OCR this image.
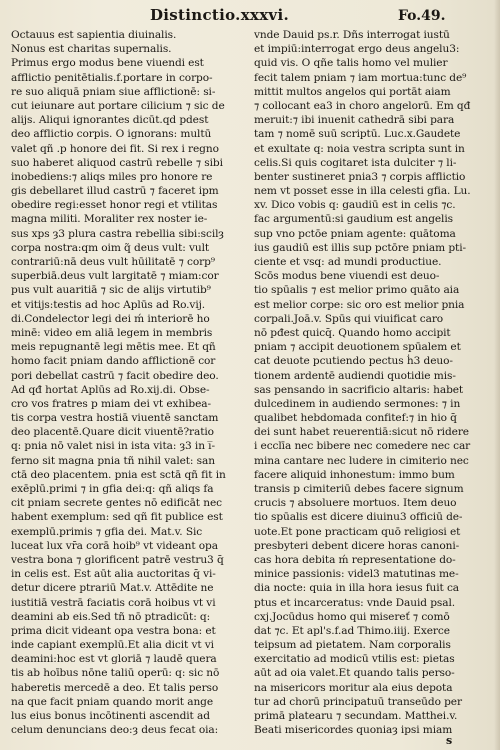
Distinctio.xxxvi.	Fo.49.
Octauus est sapientia diuinalis.
Nonus est charitas supernalis.
Primus ergo modus bene viuendi est
afflictio penitētialis.f.portare in corpo-
re suo aliquā pniam siue afflictionē: si-
cut ieiunare aut portare cilicium ⁊ sic de
alijs. Aliqui ignorantes dicūt.qd pdest
deo afflictio corpis. O ignorans: multū
valet qñ .p honore dei fit. Si rex i regno
suo haberet aliquod castrū rebelle ⁊ sibi
inobediens:⁊ aliqs miles pro honore re
gis debellaret illud castrū ⁊ faceret ipm
obedire regi:esset honor regi et vtilitas
magna militi. Moraliter rex noster ie-
sus xps ȝ3 plura castra rebellia sibi:scilȝ
corpa nostra:qm oim q̃ deus vult: vult
contrariū:nā deus vult hūilitatē ⁊ corp⁹
superbiā.deus vult largitatē ⁊ miam:cor
pus vult auaritiā ⁊ sic de alijs virtutib⁹
et vitijs:testis ad hoc Aplūs ad Ro.vij.
di.Condelector legi dei ḿ interiorē ho
minē: video em aliā legem in membris
meis repugnantē legi mētis mee. Et qñ
homo facit pniam dando afflictionē cor
pori debellat castrū ⁊ facit obedire deo.
Ad qđ hortat Aplūs ad Ro.xij.di. Obse-
cro vos fratres p miam dei vt exhibea-
tis corpa vestra hostiā viuentē sanctam
deo placentē.Quare dicit viuentē?ratio
q: pnia nō valet nisi in ista vita: ȝ3 in i̅-
ferno sit magna pnia tñ nihil valet: san
ctā deo placentem. pnia est sctā qñ fit in
exēplū.primi ⁊ in gfia dei:q: qñ aliqs fa
cit pniam secrete gentes nō edificāt nec
habent exemplum: sed qñ fit publice est
exemplū.primis ⁊ gfia dei. Mat.v. Sic
luceat lux vr̄a corā hoib⁹ vt videant opa
vestra bona ⁊ glorificent patrē vestru3 q̄
in celis est. Est aūt alia auctoritas q̄ vi-
detur dicere ptrariū Mat.v. Attēdite ne
iustitiā vestrā faciatis corā hoibus vt vi
deamini ab eis.Sed tñ nō ptradicūt: q:
prima dicit videant opa vestra bona: et
inde capiant exemplū.Et alia dicit vt vi
deamini:hoc est vt gloriā ⁊ laudē quera
tis ab hoībus nōne taliū operū: q: sic nō
haberetis mercedē a deo. Et talis perso
na que facit pniam quando morit ange
lus eius bonus incōtinenti ascendit ad
celum denuncians deo:ȝ deus fecat oia:
vnde Dauid ps.r. Dñs interrogat iustū
et impiū:interrogat ergo deus angelu3:
quid vis. O qñe talis homo vel mulier
fecit talem pniam ⁊ iam mortua:tunc de⁹
mittit multos angelos qui portāt aiam
⁊ collocant ea3 in choro angelorū. Em qđ
meruit:⁊ ibi inuenit cathedrā sibi para
tam ⁊ nomē suū scriptū. Luc.x.Gaudete
et exultate q: noia vestra scripta sunt in
celis.Si quis cogitaret ista dulciter ⁊ li-
benter sustineret pnia3 ⁊ corpis afflictio
nem vt posset esse in illa celesti gfia. Lu.
xv. Dico vobis q: gaudiū est in celis ⁊c.
fac argumentū:si gaudium est angelis
sup vno pctōe pniam agente: quātoma
ius gaudiū est illis sup pctōre pniam pti-
ciente et vsq: ad mundi productiue.
Scōs modus bene viuendi est deuo-
tio spūalis ⁊ est melior primo quāto aia
est melior corpe: sic oro est melior pnia
corpali.Joā.v. Spūs qui viuificat caro
nō pđest quicq̄. Quando homo accipit
pniam ⁊ accipit deuotionem spūalem et
cat deuote pcutiendo pectus ḣ3 deuo-
tionem ardentē audiendi quotidie mis-
sas pensando in sacrificio altaris: habet
dulcedinem in audiendo sermones: ⁊ in
qualibet hebdomada confitef:⁊ in hio q̄
dei sunt habet reuerentiā:sicut nō ridere
i ecclīa nec bibere nec comedere nec car
mina cantare nec ludere in cimiterio nec
facere aliquid inhonestum: immo bum
transis p cimiteriū debes facere signum
crucis ⁊ absoluere mortuos. Item deuo
tio spūalis est dicere diuinu3 officiū de-
uote.Et pone practicam quō religiosi et
presbyteri debent dicere horas canoni-
cas hora debita ḿ representatione do-
minice passionis: videl3 matutinas me-
dia nocte: quia in illa hora iesus fuit ca
ptus et incarceratus: vnde Dauid psal.
cxj.Jocūdus homo qui misereť ⁊ comō
dat ⁊c. Et apl's.f.ad Thimo.iiij. Exerce
teipsum ad pietatem. Nam corporalis
exercitatio ad modicū vtilis est: pietas
aūt ad oia valet.Et quando talis perso-
na misericors moritur ala eius depota
tur ad chorū principatuū transeūdo per
primā platearu ⁊ secundam. Matthei.v.
Beati misericordes quoniaȝ ipsi miam
s
